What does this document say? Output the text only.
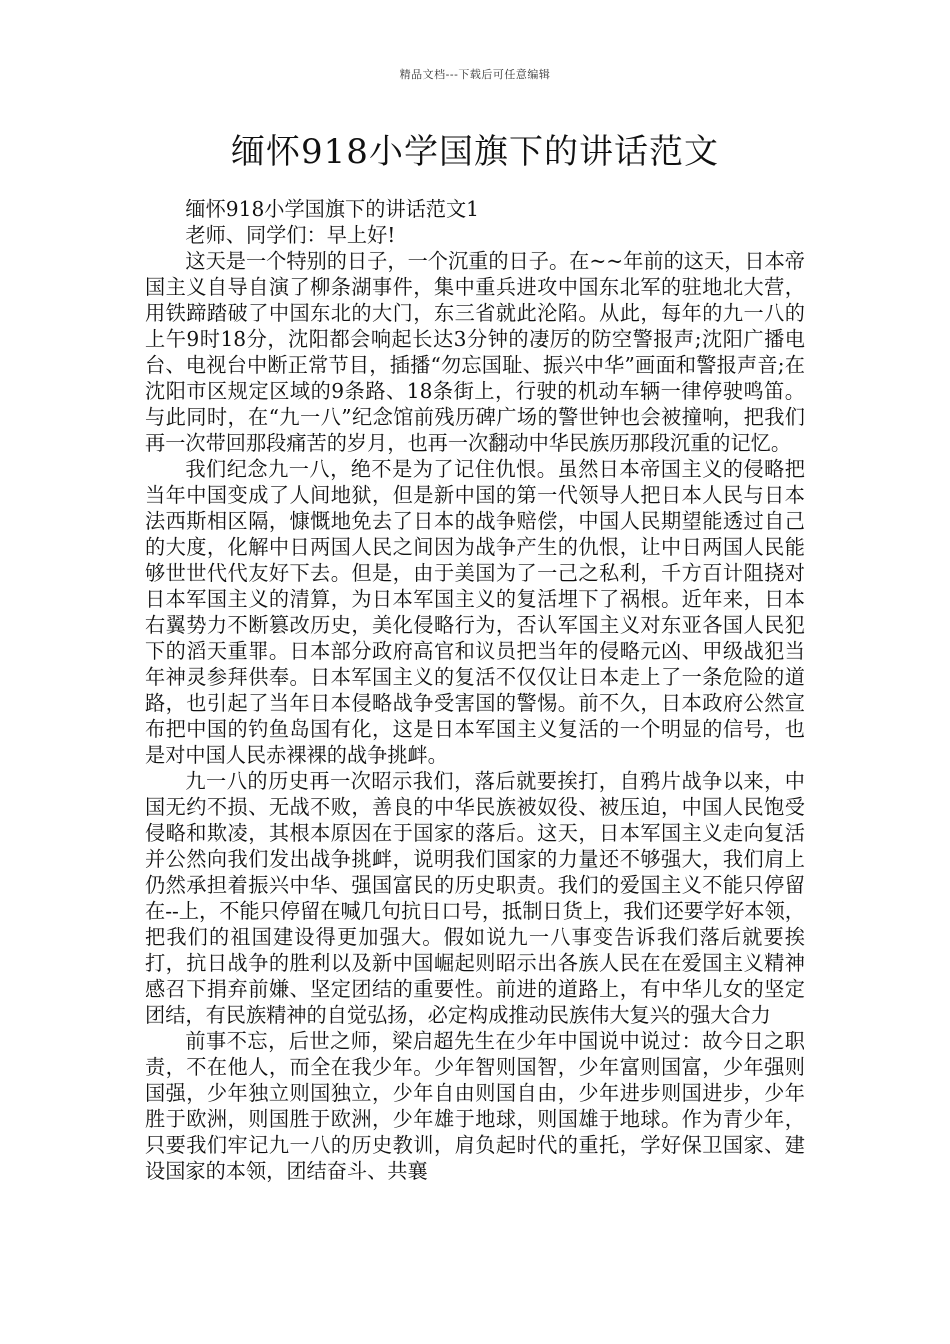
精品文档---下载后可任意编辑
缅怀918小学国旗下的讲话范文

缅怀918小学国旗下的讲话范文1

老师、同学们：早上好!

这天是一个特别的日子，一个沉重的日子。在~~年前的这天，日本帝国主义自导自演了柳条湖事件，集中重兵进攻中国东北军的驻地北大营，用铁蹄踏破了中国东北的大门，东三省就此沦陷。从此，每年的九一八的上午9时18分，沈阳都会响起长达3分钟的凄厉的防空警报声;沈阳广播电台、电视台中断正常节目，插播“勿忘国耻、振兴中华”画面和警报声音;在沈阳市区规定区域的9条路、18条街上，行驶的机动车辆一律停驶鸣笛。与此同时，在“九一八”纪念馆前残历碑广场的警世钟也会被撞响，把我们再一次带回那段痛苦的岁月，也再一次翻动中华民族历那段沉重的记忆。

我们纪念九一八，绝不是为了记住仇恨。虽然日本帝国主义的侵略把当年中国变成了人间地狱，但是新中国的第一代领导人把日本人民与日本法西斯相区隔，慷慨地免去了日本的战争赔偿，中国人民期望能透过自己的大度，化解中日两国人民之间因为战争产生的仇恨，让中日两国人民能够世世代代友好下去。但是，由于美国为了一己之私利，千方百计阻挠对日本军国主义的清算，为日本军国主义的复活埋下了祸根。近年来，日本右翼势力不断篡改历史，美化侵略行为，否认军国主义对东亚各国人民犯下的滔天重罪。日本部分政府高官和议员把当年的侵略元凶、甲级战犯当年神灵参拜供奉。日本军国主义的复活不仅仅让日本走上了一条危险的道路，也引起了当年日本侵略战争受害国的警惕。前不久，日本政府公然宣布把中国的钓鱼岛国有化，这是日本军国主义复活的一个明显的信号，也是对中国人民赤裸裸的战争挑衅。

九一八的历史再一次昭示我们，落后就要挨打，自鸦片战争以来，中国无约不损、无战不败，善良的中华民族被奴役、被压迫，中国人民饱受侵略和欺凌，其根本原因在于国家的落后。这天，日本军国主义走向复活并公然向我们发出战争挑衅，说明我们国家的力量还不够强大，我们肩上仍然承担着振兴中华、强国富民的历史职责。我们的爱国主义不能只停留在--上，不能只停留在喊几句抗日口号，抵制日货上，我们还要学好本领，把我们的祖国建设得更加强大。假如说九一八事变告诉我们落后就要挨打，抗日战争的胜利以及新中国崛起则昭示出各族人民在在爱国主义精神感召下捐弃前嫌、坚定团结的重要性。前进的道路上，有中华儿女的坚定团结，有民族精神的自觉弘扬，必定构成推动民族伟大复兴的强大合力

前事不忘，后世之师，梁启超先生在少年中国说中说过：故今日之职责，不在他人，而全在我少年。少年智则国智，少年富则国富，少年强则国强，少年独立则国独立，少年自由则国自由，少年进步则国进步，少年胜于欧洲，则国胜于欧洲，少年雄于地球，则国雄于地球。作为青少年，只要我们牢记九一八的历史教训，肩负起时代的重托，学好保卫国家、建设国家的本领，团结奋斗、共襄
